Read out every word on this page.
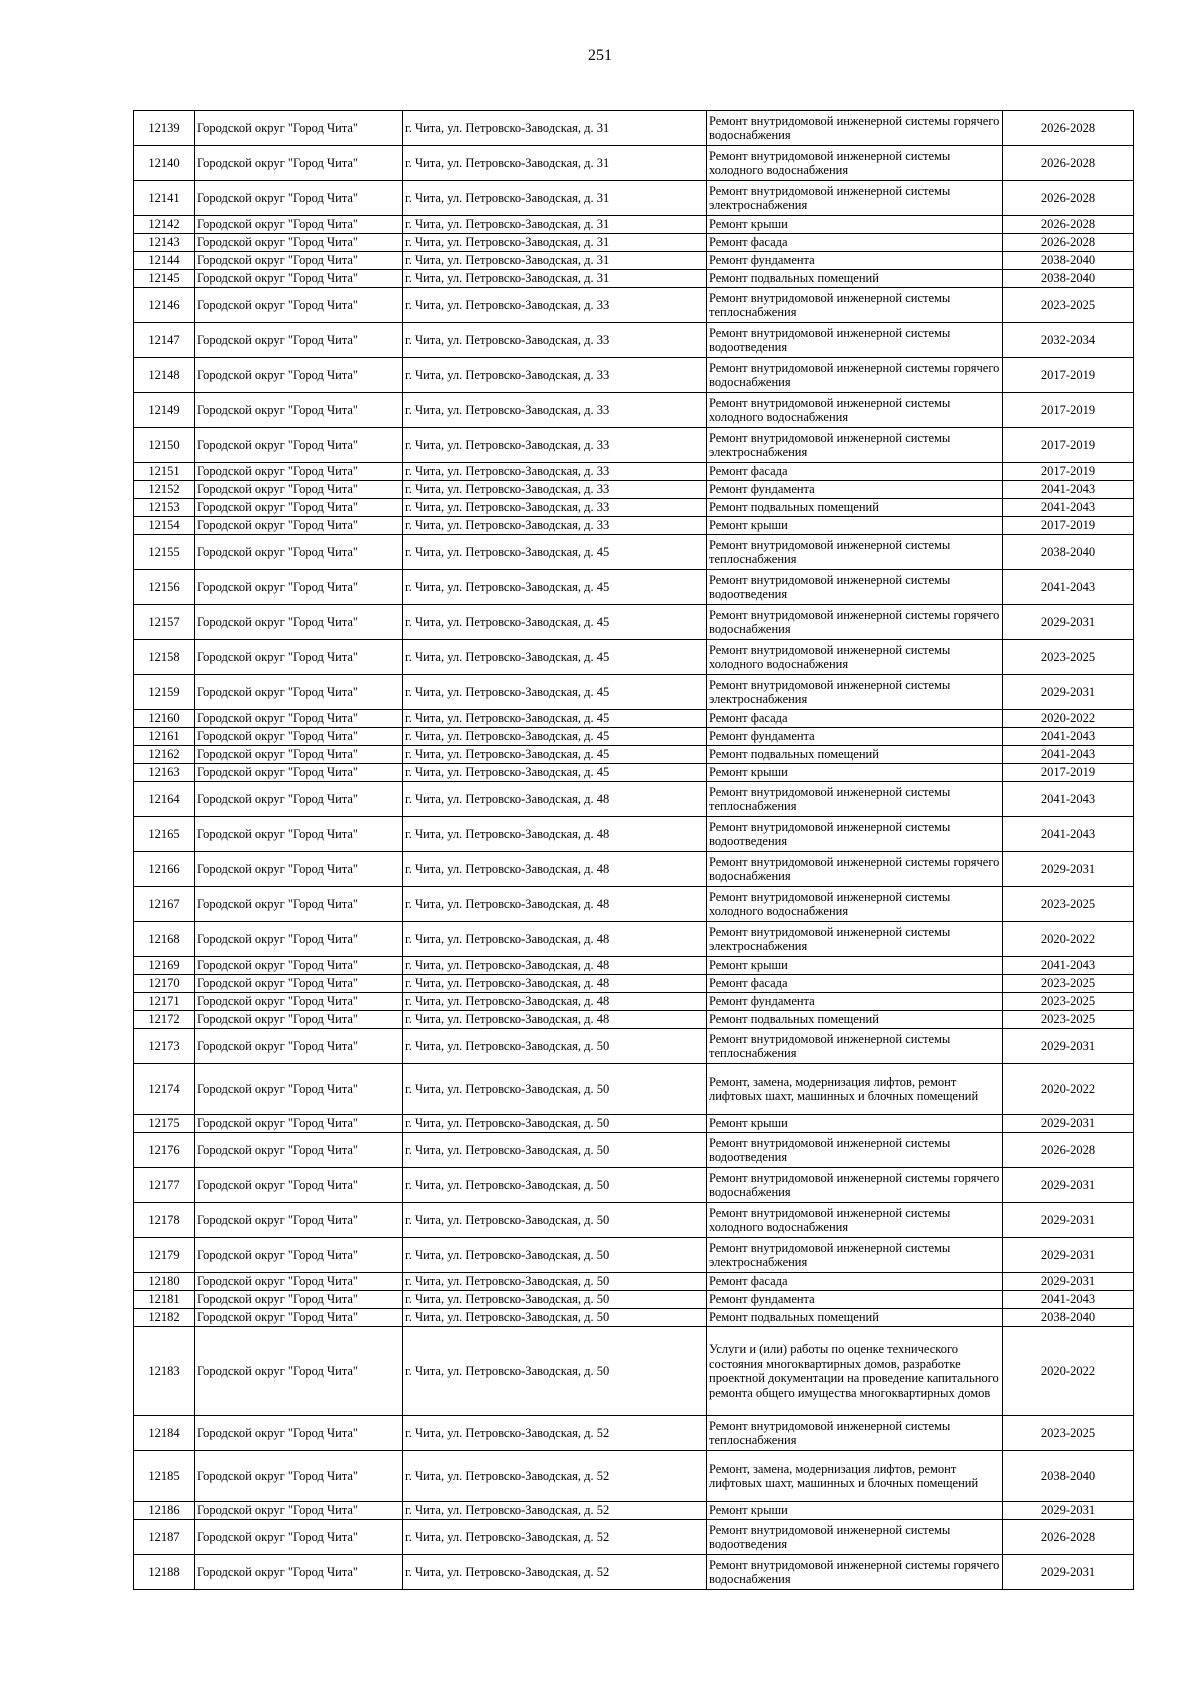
251
12139	Городской округ "Город Чита"	г. Чита, ул. Петровско-Заводская, д. 31	Ремонт внутридомовой инженерной системы горячего водоснабжения	2026-2028
12140	Городской округ "Город Чита"	г. Чита, ул. Петровско-Заводская, д. 31	Ремонт внутридомовой инженерной системы холодного водоснабжения	2026-2028
12141	Городской округ "Город Чита"	г. Чита, ул. Петровско-Заводская, д. 31	Ремонт внутридомовой инженерной системы электроснабжения	2026-2028
12142	Городской округ "Город Чита"	г. Чита, ул. Петровско-Заводская, д. 31	Ремонт крыши	2026-2028
12143	Городской округ "Город Чита"	г. Чита, ул. Петровско-Заводская, д. 31	Ремонт фасада	2026-2028
12144	Городской округ "Город Чита"	г. Чита, ул. Петровско-Заводская, д. 31	Ремонт фундамента	2038-2040
12145	Городской округ "Город Чита"	г. Чита, ул. Петровско-Заводская, д. 31	Ремонт подвальных помещений	2038-2040
12146	Городской округ "Город Чита"	г. Чита, ул. Петровско-Заводская, д. 33	Ремонт внутридомовой инженерной системы теплоснабжения	2023-2025
12147	Городской округ "Город Чита"	г. Чита, ул. Петровско-Заводская, д. 33	Ремонт внутридомовой инженерной системы водоотведения	2032-2034
12148	Городской округ "Город Чита"	г. Чита, ул. Петровско-Заводская, д. 33	Ремонт внутридомовой инженерной системы горячего водоснабжения	2017-2019
12149	Городской округ "Город Чита"	г. Чита, ул. Петровско-Заводская, д. 33	Ремонт внутридомовой инженерной системы холодного водоснабжения	2017-2019
12150	Городской округ "Город Чита"	г. Чита, ул. Петровско-Заводская, д. 33	Ремонт внутридомовой инженерной системы электроснабжения	2017-2019
12151	Городской округ "Город Чита"	г. Чита, ул. Петровско-Заводская, д. 33	Ремонт фасада	2017-2019
12152	Городской округ "Город Чита"	г. Чита, ул. Петровско-Заводская, д. 33	Ремонт фундамента	2041-2043
12153	Городской округ "Город Чита"	г. Чита, ул. Петровско-Заводская, д. 33	Ремонт подвальных помещений	2041-2043
12154	Городской округ "Город Чита"	г. Чита, ул. Петровско-Заводская, д. 33	Ремонт крыши	2017-2019
12155	Городской округ "Город Чита"	г. Чита, ул. Петровско-Заводская, д. 45	Ремонт внутридомовой инженерной системы теплоснабжения	2038-2040
12156	Городской округ "Город Чита"	г. Чита, ул. Петровско-Заводская, д. 45	Ремонт внутридомовой инженерной системы водоотведения	2041-2043
12157	Городской округ "Город Чита"	г. Чита, ул. Петровско-Заводская, д. 45	Ремонт внутридомовой инженерной системы горячего водоснабжения	2029-2031
12158	Городской округ "Город Чита"	г. Чита, ул. Петровско-Заводская, д. 45	Ремонт внутридомовой инженерной системы холодного водоснабжения	2023-2025
12159	Городской округ "Город Чита"	г. Чита, ул. Петровско-Заводская, д. 45	Ремонт внутридомовой инженерной системы электроснабжения	2029-2031
12160	Городской округ "Город Чита"	г. Чита, ул. Петровско-Заводская, д. 45	Ремонт фасада	2020-2022
12161	Городской округ "Город Чита"	г. Чита, ул. Петровско-Заводская, д. 45	Ремонт фундамента	2041-2043
12162	Городской округ "Город Чита"	г. Чита, ул. Петровско-Заводская, д. 45	Ремонт подвальных помещений	2041-2043
12163	Городской округ "Город Чита"	г. Чита, ул. Петровско-Заводская, д. 45	Ремонт крыши	2017-2019
12164	Городской округ "Город Чита"	г. Чита, ул. Петровско-Заводская, д. 48	Ремонт внутридомовой инженерной системы теплоснабжения	2041-2043
12165	Городской округ "Город Чита"	г. Чита, ул. Петровско-Заводская, д. 48	Ремонт внутридомовой инженерной системы водоотведения	2041-2043
12166	Городской округ "Город Чита"	г. Чита, ул. Петровско-Заводская, д. 48	Ремонт внутридомовой инженерной системы горячего водоснабжения	2029-2031
12167	Городской округ "Город Чита"	г. Чита, ул. Петровско-Заводская, д. 48	Ремонт внутридомовой инженерной системы холодного водоснабжения	2023-2025
12168	Городской округ "Город Чита"	г. Чита, ул. Петровско-Заводская, д. 48	Ремонт внутридомовой инженерной системы электроснабжения	2020-2022
12169	Городской округ "Город Чита"	г. Чита, ул. Петровско-Заводская, д. 48	Ремонт крыши	2041-2043
12170	Городской округ "Город Чита"	г. Чита, ул. Петровско-Заводская, д. 48	Ремонт фасада	2023-2025
12171	Городской округ "Город Чита"	г. Чита, ул. Петровско-Заводская, д. 48	Ремонт фундамента	2023-2025
12172	Городской округ "Город Чита"	г. Чита, ул. Петровско-Заводская, д. 48	Ремонт подвальных помещений	2023-2025
12173	Городской округ "Город Чита"	г. Чита, ул. Петровско-Заводская, д. 50	Ремонт внутридомовой инженерной системы теплоснабжения	2029-2031
12174	Городской округ "Город Чита"	г. Чита, ул. Петровско-Заводская, д. 50	Ремонт, замена, модернизация лифтов, ремонт лифтовых шахт, машинных и блочных помещений	2020-2022
12175	Городской округ "Город Чита"	г. Чита, ул. Петровско-Заводская, д. 50	Ремонт крыши	2029-2031
12176	Городской округ "Город Чита"	г. Чита, ул. Петровско-Заводская, д. 50	Ремонт внутридомовой инженерной системы водоотведения	2026-2028
12177	Городской округ "Город Чита"	г. Чита, ул. Петровско-Заводская, д. 50	Ремонт внутридомовой инженерной системы горячего водоснабжения	2029-2031
12178	Городской округ "Город Чита"	г. Чита, ул. Петровско-Заводская, д. 50	Ремонт внутридомовой инженерной системы холодного водоснабжения	2029-2031
12179	Городской округ "Город Чита"	г. Чита, ул. Петровско-Заводская, д. 50	Ремонт внутридомовой инженерной системы электроснабжения	2029-2031
12180	Городской округ "Город Чита"	г. Чита, ул. Петровско-Заводская, д. 50	Ремонт фасада	2029-2031
12181	Городской округ "Город Чита"	г. Чита, ул. Петровско-Заводская, д. 50	Ремонт фундамента	2041-2043
12182	Городской округ "Город Чита"	г. Чита, ул. Петровско-Заводская, д. 50	Ремонт подвальных помещений	2038-2040
12183	Городской округ "Город Чита"	г. Чита, ул. Петровско-Заводская, д. 50	Услуги и (или) работы по оценке технического состояния многоквартирных домов, разработке проектной документации на проведение капитального ремонта общего имущества многоквартирных домов	2020-2022
12184	Городской округ "Город Чита"	г. Чита, ул. Петровско-Заводская, д. 52	Ремонт внутридомовой инженерной системы теплоснабжения	2023-2025
12185	Городской округ "Город Чита"	г. Чита, ул. Петровско-Заводская, д. 52	Ремонт, замена, модернизация лифтов, ремонт лифтовых шахт, машинных и блочных помещений	2038-2040
12186	Городской округ "Город Чита"	г. Чита, ул. Петровско-Заводская, д. 52	Ремонт крыши	2029-2031
12187	Городской округ "Город Чита"	г. Чита, ул. Петровско-Заводская, д. 52	Ремонт внутридомовой инженерной системы водоотведения	2026-2028
12188	Городской округ "Город Чита"	г. Чита, ул. Петровско-Заводская, д. 52	Ремонт внутридомовой инженерной системы горячего водоснабжения	2029-2031
